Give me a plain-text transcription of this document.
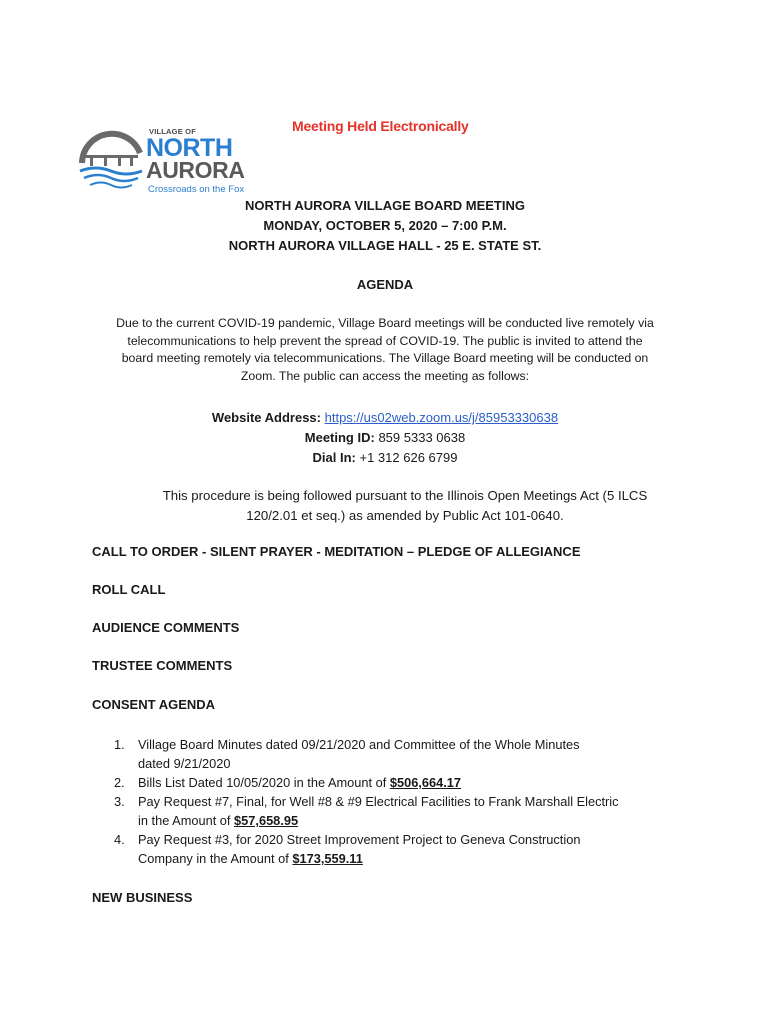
Meeting Held Electronically
VILLAGE OF
NORTH
AURORA
Crossroads on the Fox
NORTH AURORA VILLAGE BOARD MEETING
MONDAY, OCTOBER 5, 2020 – 7:00 P.M.
NORTH AURORA VILLAGE HALL - 25 E. STATE ST.
AGENDA
Due to the current COVID-19 pandemic, Village Board meetings will be conducted live remotely via
telecommunications to help prevent the spread of COVID-19. The public is invited to attend the
board meeting remotely via telecommunications. The Village Board meeting will be conducted on
Zoom. The public can access the meeting as follows:
Website Address: https://us02web.zoom.us/j/85953330638
Meeting ID: 859 5333 0638
Dial In: +1 312 626 6799
This procedure is being followed pursuant to the Illinois Open Meetings Act (5 ILCS
120/2.01 et seq.) as amended by Public Act 101-0640.
CALL TO ORDER - SILENT PRAYER - MEDITATION – PLEDGE OF ALLEGIANCE
ROLL CALL
AUDIENCE COMMENTS
TRUSTEE COMMENTS
CONSENT AGENDA
1. Village Board Minutes dated 09/21/2020 and Committee of the Whole Minutes
dated 9/21/2020
2. Bills List Dated 10/05/2020 in the Amount of $506,664.17
3. Pay Request #7, Final, for Well #8 & #9 Electrical Facilities to Frank Marshall Electric
in the Amount of $57,658.95
4. Pay Request #3, for 2020 Street Improvement Project to Geneva Construction
Company in the Amount of $173,559.11
NEW BUSINESS
